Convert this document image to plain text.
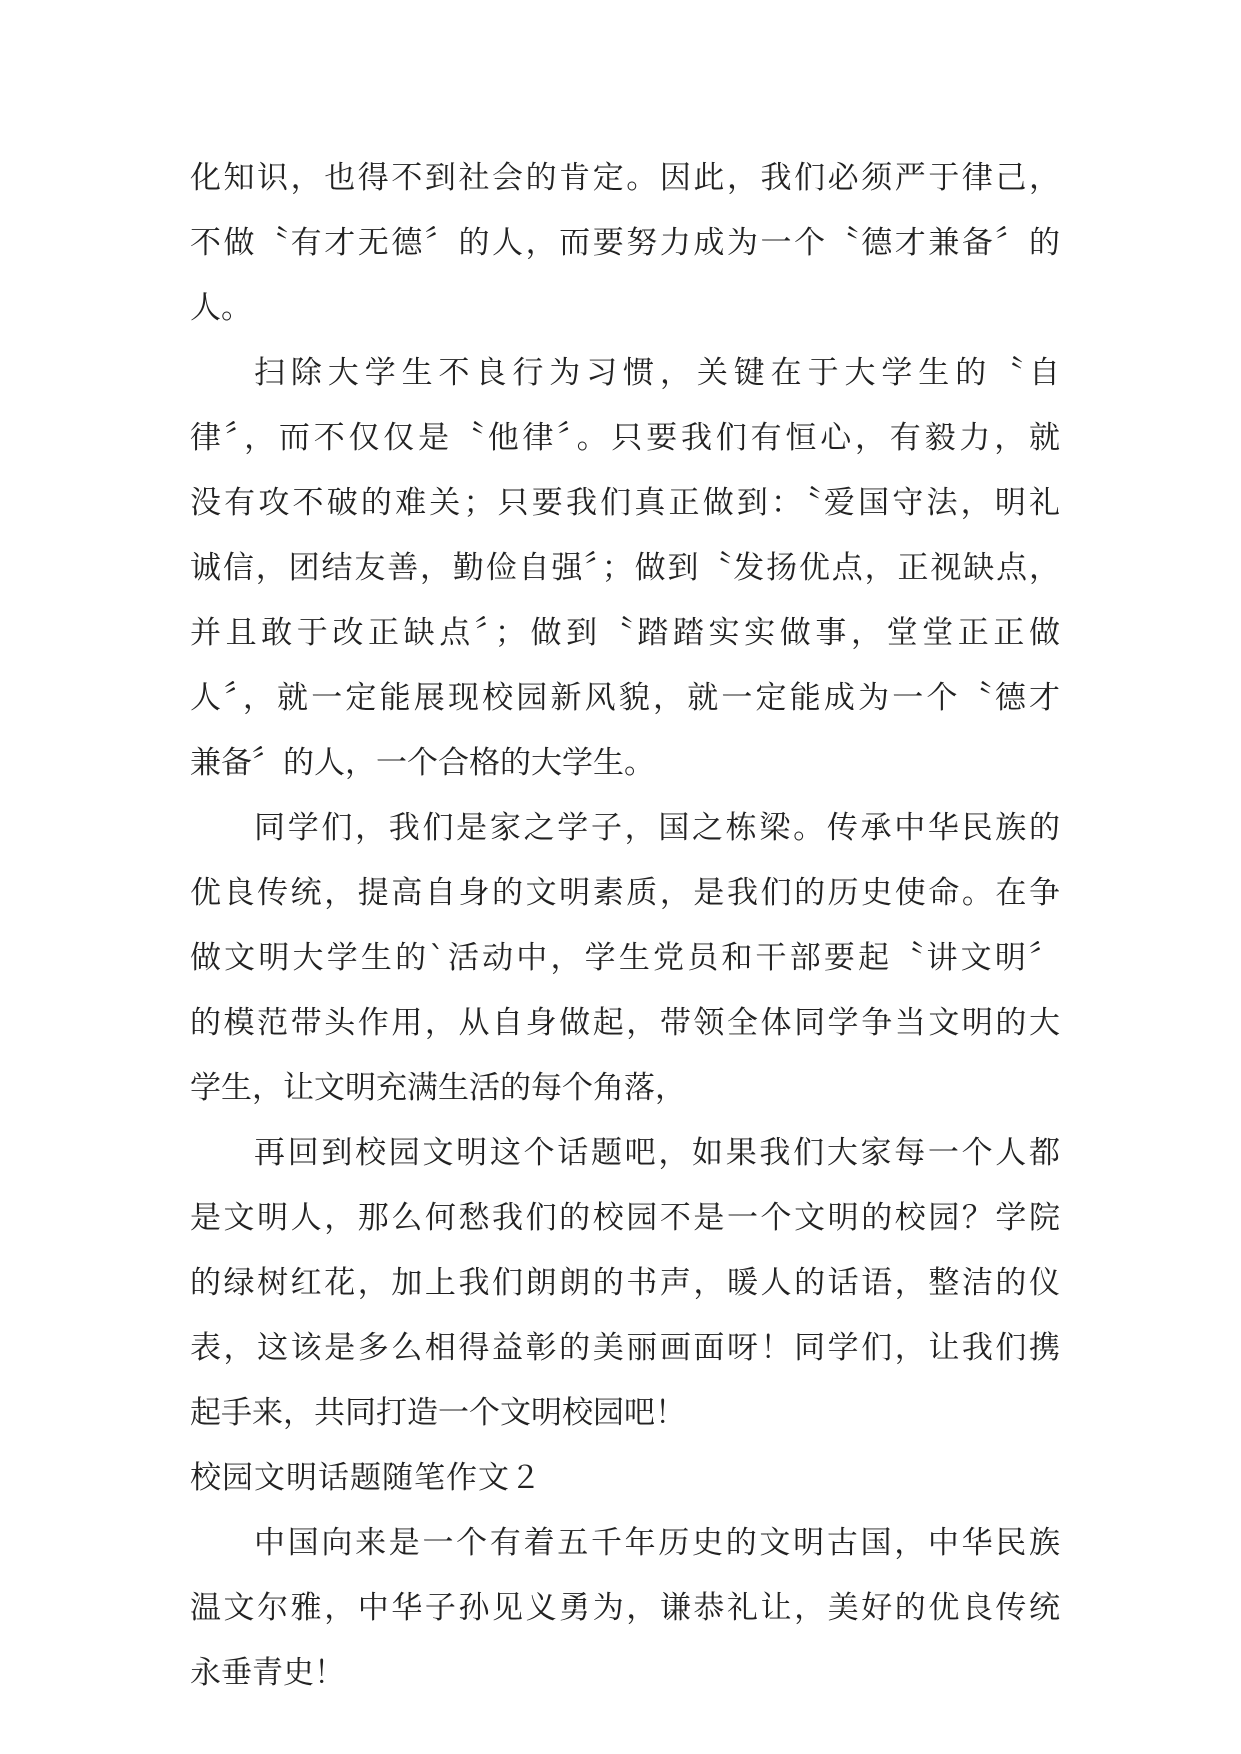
化知识，也得不到社会的肯定。因此，我们必须严于律己，
不做〝有才无德〞的人，而要努力成为一个〝德才兼备〞的
人。
扫除大学生不良行为习惯，关键在于大学生的〝自
律〞，而不仅仅是〝他律〞。只要我们有恒心，有毅力，就
没有攻不破的难关；只要我们真正做到：〝爱国守法，明礼
诚信，团结友善，勤俭自强〞；做到〝发扬优点，正视缺点，
并且敢于改正缺点〞；做到〝踏踏实实做事，堂堂正正做
人〞，就一定能展现校园新风貌，就一定能成为一个〝德才
兼备〞的人，一个合格的大学生。
同学们，我们是家之学子，国之栋梁。传承中华民族的
优良传统，提高自身的文明素质，是我们的历史使命。在争
做文明大学生的`活动中，学生党员和干部要起〝讲文明〞
的模范带头作用，从自身做起，带领全体同学争当文明的大
学生，让文明充满生活的每个角落，
再回到校园文明这个话题吧，如果我们大家每一个人都
是文明人，那么何愁我们的校园不是一个文明的校园？学院
的绿树红花，加上我们朗朗的书声，暖人的话语，整洁的仪
表，这该是多么相得益彰的美丽画面呀！同学们，让我们携
起手来，共同打造一个文明校园吧！
校园文明话题随笔作文２
中国向来是一个有着五千年历史的文明古国，中华民族
温文尔雅，中华子孙见义勇为，谦恭礼让，美好的优良传统
永垂青史！
